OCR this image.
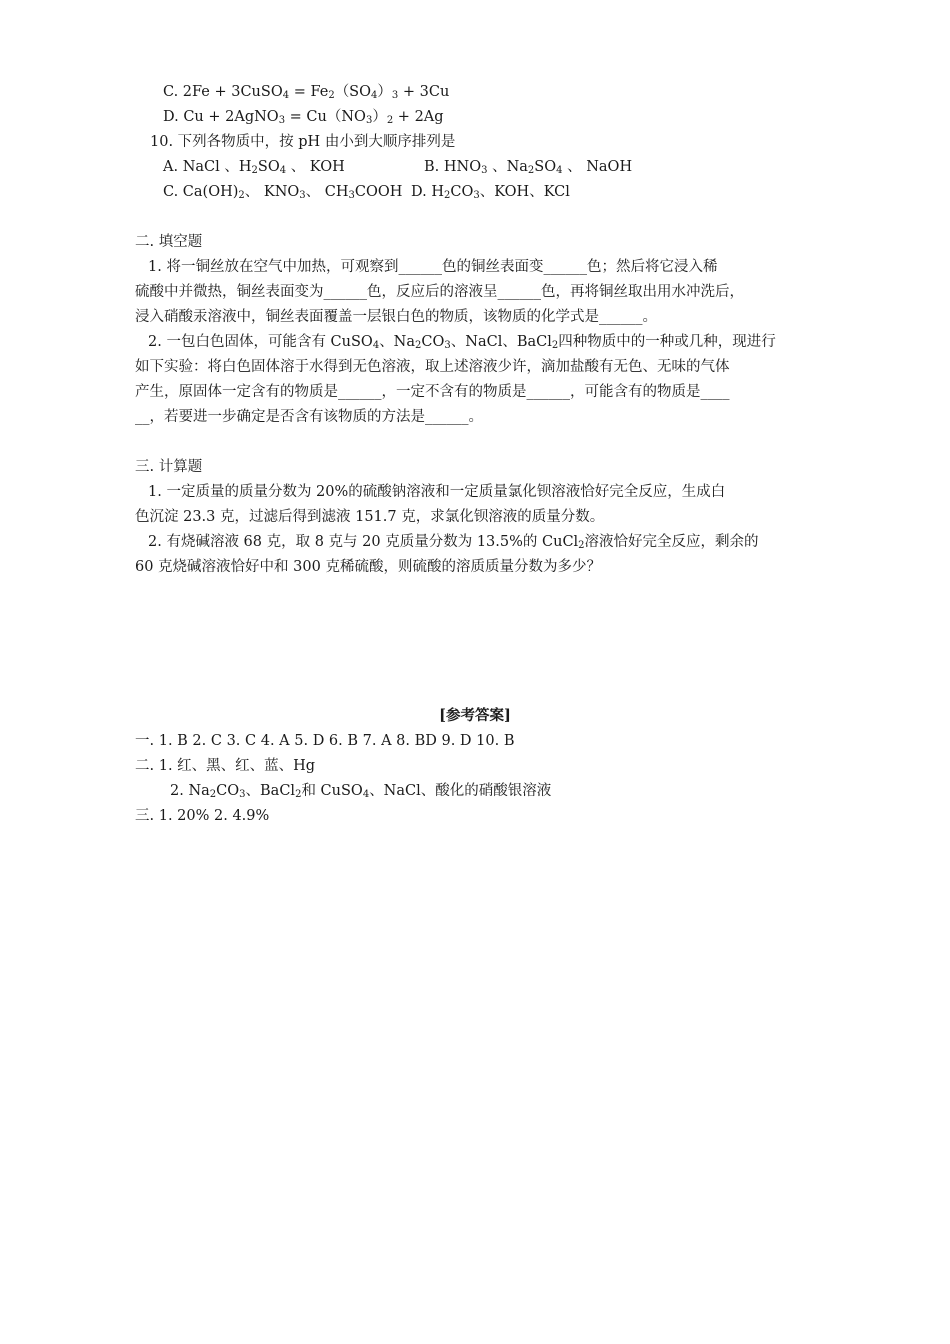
C. 2Fe + 3CuSO$_4$ = $Fe_2(SO_4)_3 + 3Cu$
D. Cu + 2AgNO$_3$ = $Cu(NO_3)_2 + 2Ag$
10. 下列各物质中，按 pH 由小到大顺序排列是
A. NaCl 、$H_2SO_4$ 、 KOH	B. $HNO_3$ 、$Na_2SO_4$ 、 NaOH
C. $Ca(OH)_2$、 $KNO_3$、 $CH_3COOH$ D. $H_2CO_3$、KOH、KCl
二. 填空题
1. 将一铜丝放在空气中加热，可观察到______色的铜丝表面变______色；然后将它浸入稀
硫酸中并微热，铜丝表面变为______色，反应后的溶液呈______色，再将铜丝取出用水冲洗后，
浸入硝酸汞溶液中，铜丝表面覆盖一层银白色的物质，该物质的化学式是______。
2. 一包白色固体，可能含有 CuSO$_4$、$Na_2CO_3$、NaCl、BaCl$_2$四种物质中的一种或几种，现进行
如下实验：将白色固体溶于水得到无色溶液，取上述溶液少许，滴加盐酸有无色、无味的气体
产生，原固体一定含有的物质是______，一定不含有的物质是______，可能含有的物质是____
__，若要进一步确定是否含有该物质的方法是______。
三. 计算题
1. 一定质量的质量分数为 20%的硫酸钠溶液和一定质量氯化钡溶液恰好完全反应，生成白
色沉淀 23.3 克，过滤后得到滤液 151.7 克，求氯化钡溶液的质量分数。
2. 有烧碱溶液 68 克，取 8 克与 20 克质量分数为 13.5%的 CuCl$_2$溶液恰好完全反应，剩余的
60 克烧碱溶液恰好中和 300 克稀硫酸，则硫酸的溶质质量分数为多少？
[参考答案]
一. 1. B 2. C 3. C 4. A 5. D 6. B 7. A 8. BD 9. D 10. B
二. 1. 红、黑、红、蓝、Hg
2. $Na_2CO_3$、BaCl$_2$和 CuSO$_4$、NaCl、酸化的硝酸银溶液
三. 1. 20% 2. 4.9%
